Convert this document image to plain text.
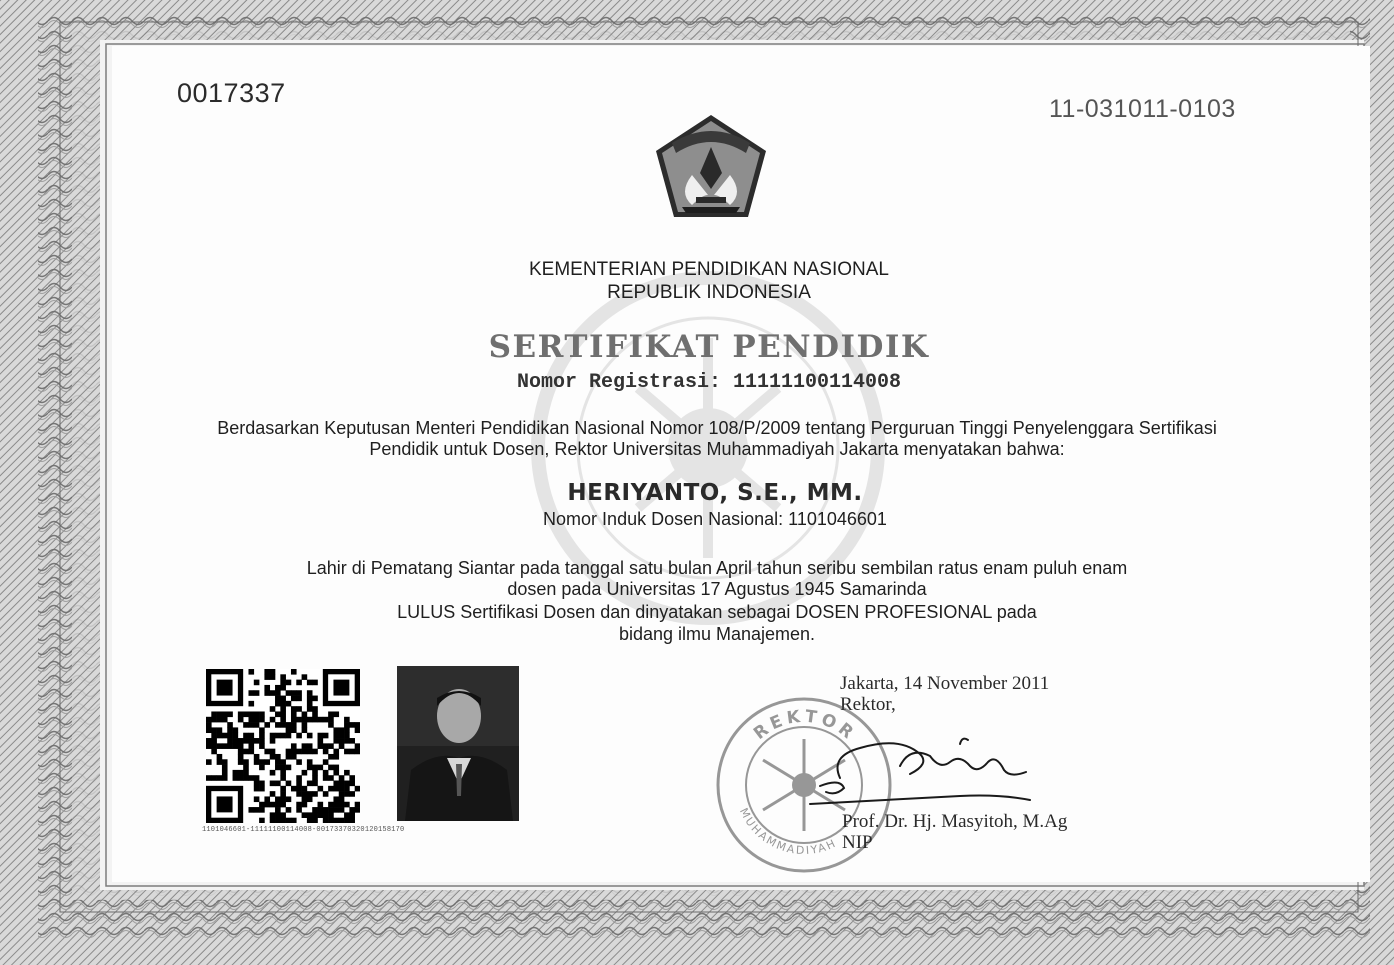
0017337
11-031011-0103
KEMENTERIAN PENDIDIKAN NASIONAL
REPUBLIK INDONESIA
SERTIFIKAT PENDIDIK
Nomor Registrasi: 11111100114008
Berdasarkan Keputusan Menteri Pendidikan Nasional Nomor 108/P/2009 tentang Perguruan Tinggi Penyelenggara Sertifikasi
Pendidik untuk Dosen, Rektor Universitas Muhammadiyah Jakarta menyatakan bahwa:
HERIYANTO, S.E., MM.
Nomor Induk Dosen Nasional: 1101046601
Lahir di Pematang Siantar pada tanggal satu bulan April tahun seribu sembilan ratus enam puluh enam
dosen pada Universitas 17 Agustus 1945 Samarinda
LULUS Sertifikasi Dosen dan dinyatakan sebagai DOSEN PROFESIONAL pada
bidang ilmu Manajemen.
1101046601-11111100114008-00173370320120158170
Jakarta, 14 November 2011
Rektor,
REKTOR
MUHAMMADIYAH
Prof. Dr. Hj. Masyitoh, M.Ag
NIP
